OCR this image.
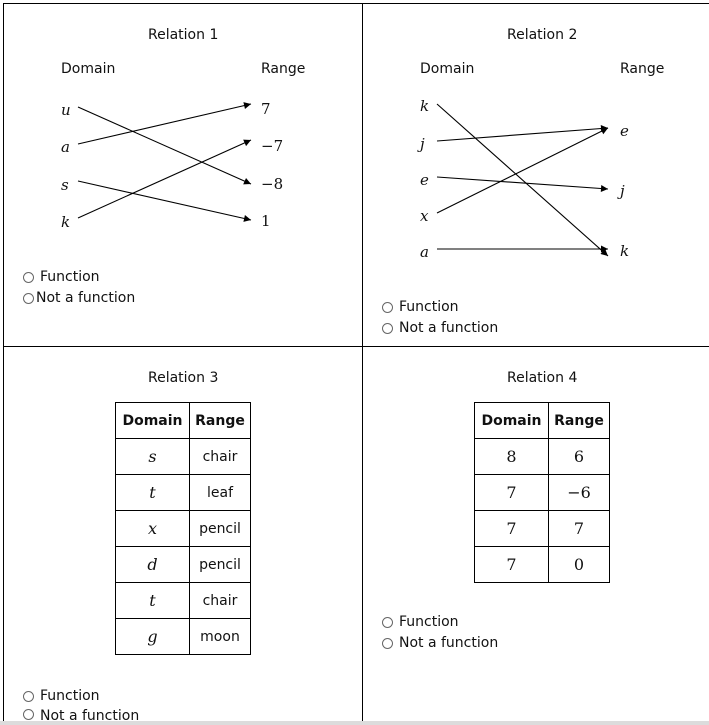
Relation 1
Domain	Range
u
a
s
k
7
−7
−8
1
Function
Not a function
Relation 2
Domain	Range
k
j
e
x
a
e
j
k
Function
Not a function
Relation 3
Domain	Range
s	chair
t	leaf
x	pencil
d	pencil
t	chair
g	moon
Function
Not a function
Relation 4
Domain	Range
8	6
7	−6
7	7
7	0
Function
Not a function
